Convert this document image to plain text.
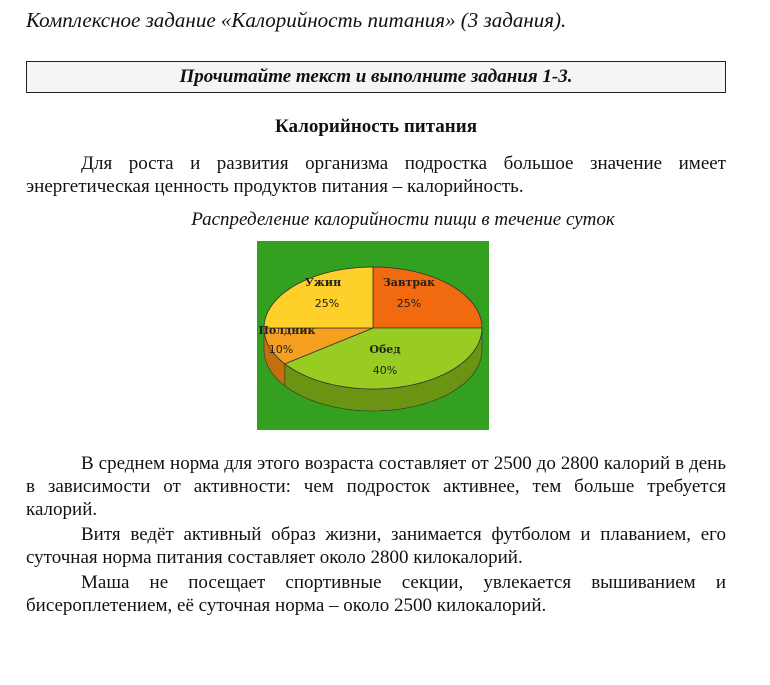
Комплексное задание «Калорийность питания» (3 задания).
Прочитайте текст и выполните задания 1-3.
Калорийность питания

Для роста и развития организма подростка большое значение имеет энергетическая ценность продуктов питания – калорийность.

Распределение калорийности пищи в течение суток
Завтрак
25%
Обед
40%
Полдник
10%
Ужин
25%

В среднем норма для этого возраста составляет от 2500 до 2800 калорий в день в зависимости от активности: чем подросток активнее, тем больше требуется калорий.

Витя ведёт активный образ жизни, занимается футболом и плаванием, его суточная норма питания составляет около 2800 килокалорий.

Маша не посещает спортивные секции, увлекается вышиванием и бисероплетением, её суточная норма – около 2500 килокалорий.
